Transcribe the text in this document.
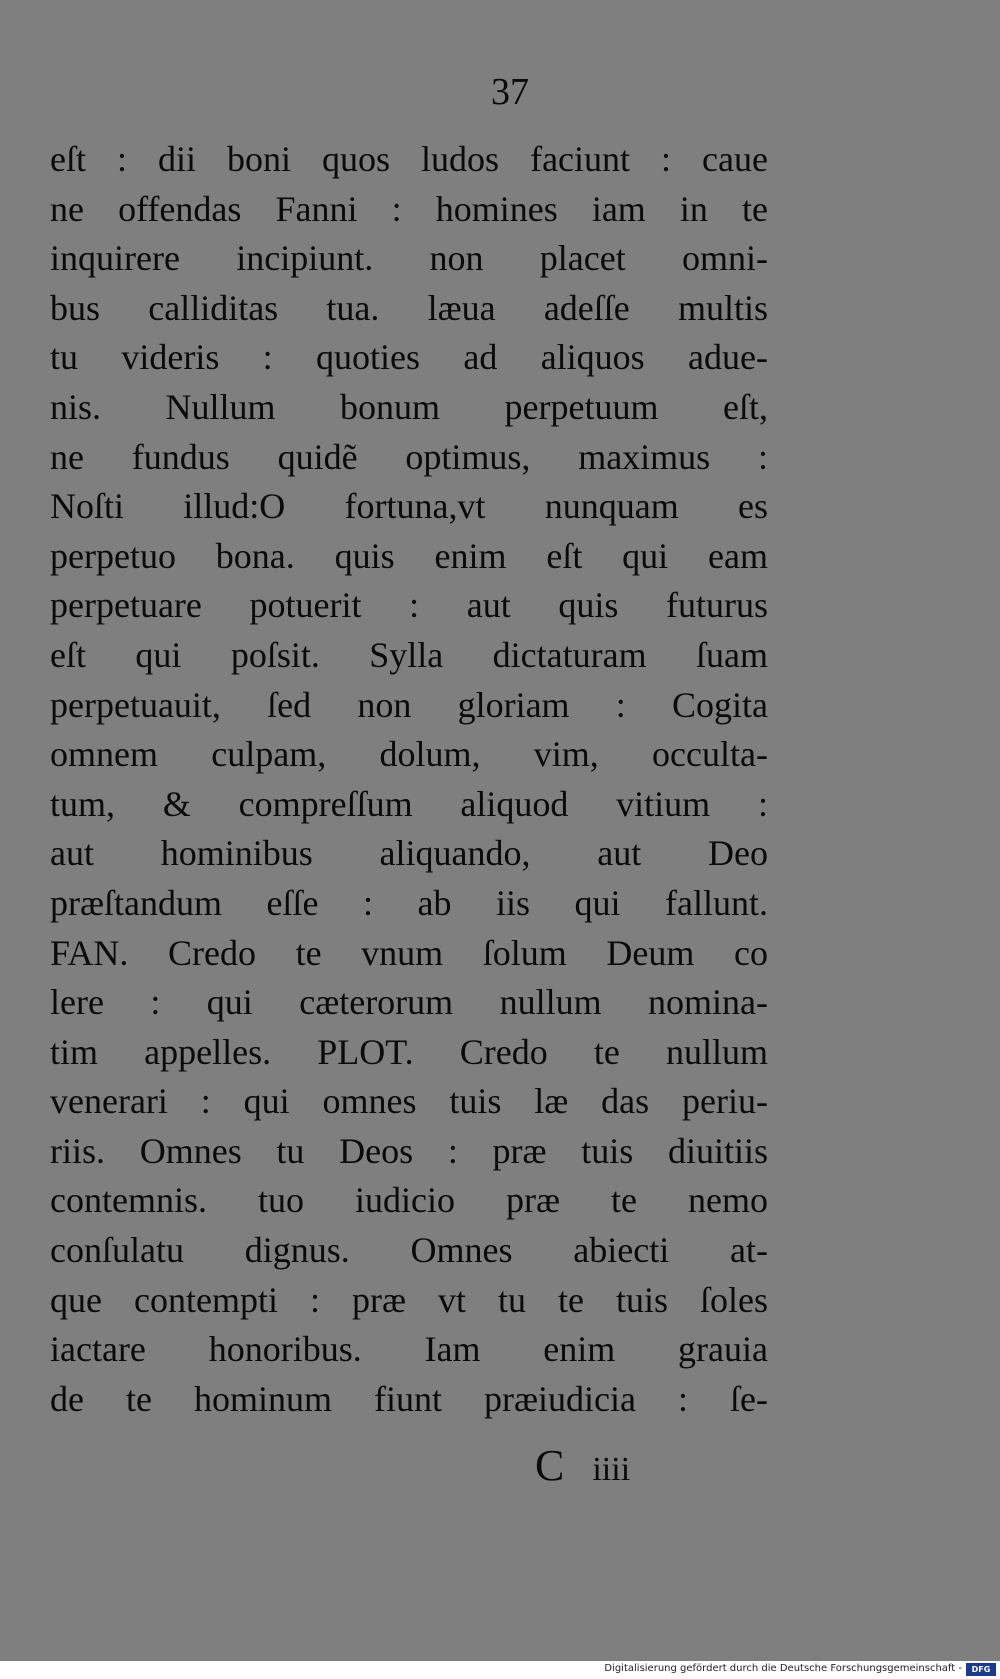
37
eſt : dii boni quos ludos faciunt : caue
ne offendas Fanni : homines iam in te
inquirere incipiunt. non placet omni-
bus calliditas tua. læua adeſſe multis
tu videris : quoties ad aliquos adue-
nis. Nullum bonum perpetuum eſt,
ne fundus quidẽ optimus, maximus :
Noſti illud:O fortuna,vt nunquam es
perpetuo bona. quis enim eſt qui eam
perpetuare potuerit : aut quis futurus
eſt qui poſsit. Sylla dictaturam ſuam
perpetuauit, ſed non gloriam : Cogita
omnem culpam, dolum, vim, occulta-
tum, & compreſſum aliquod vitium :
aut hominibus aliquando, aut Deo
præſtandum eſſe : ab iis qui fallunt.
FAN. Credo te vnum ſolum Deum co
lere : qui cæterorum nullum nomina-
tim appelles. PLOT. Credo te nullum
venerari : qui omnes tuis læ das periu-
riis. Omnes tu Deos : præ tuis diuitiis
contemnis. tuo iudicio præ te nemo
conſulatu dignus. Omnes abiecti at-
que contempti : præ vt tu te tuis ſoles
iactare honoribus. Iam enim grauia
de te hominum fiunt præiudicia : ſe-
C iiii
Digitalisierung gefördert durch die Deutsche Forschungsgemeinschaft -	DFG
